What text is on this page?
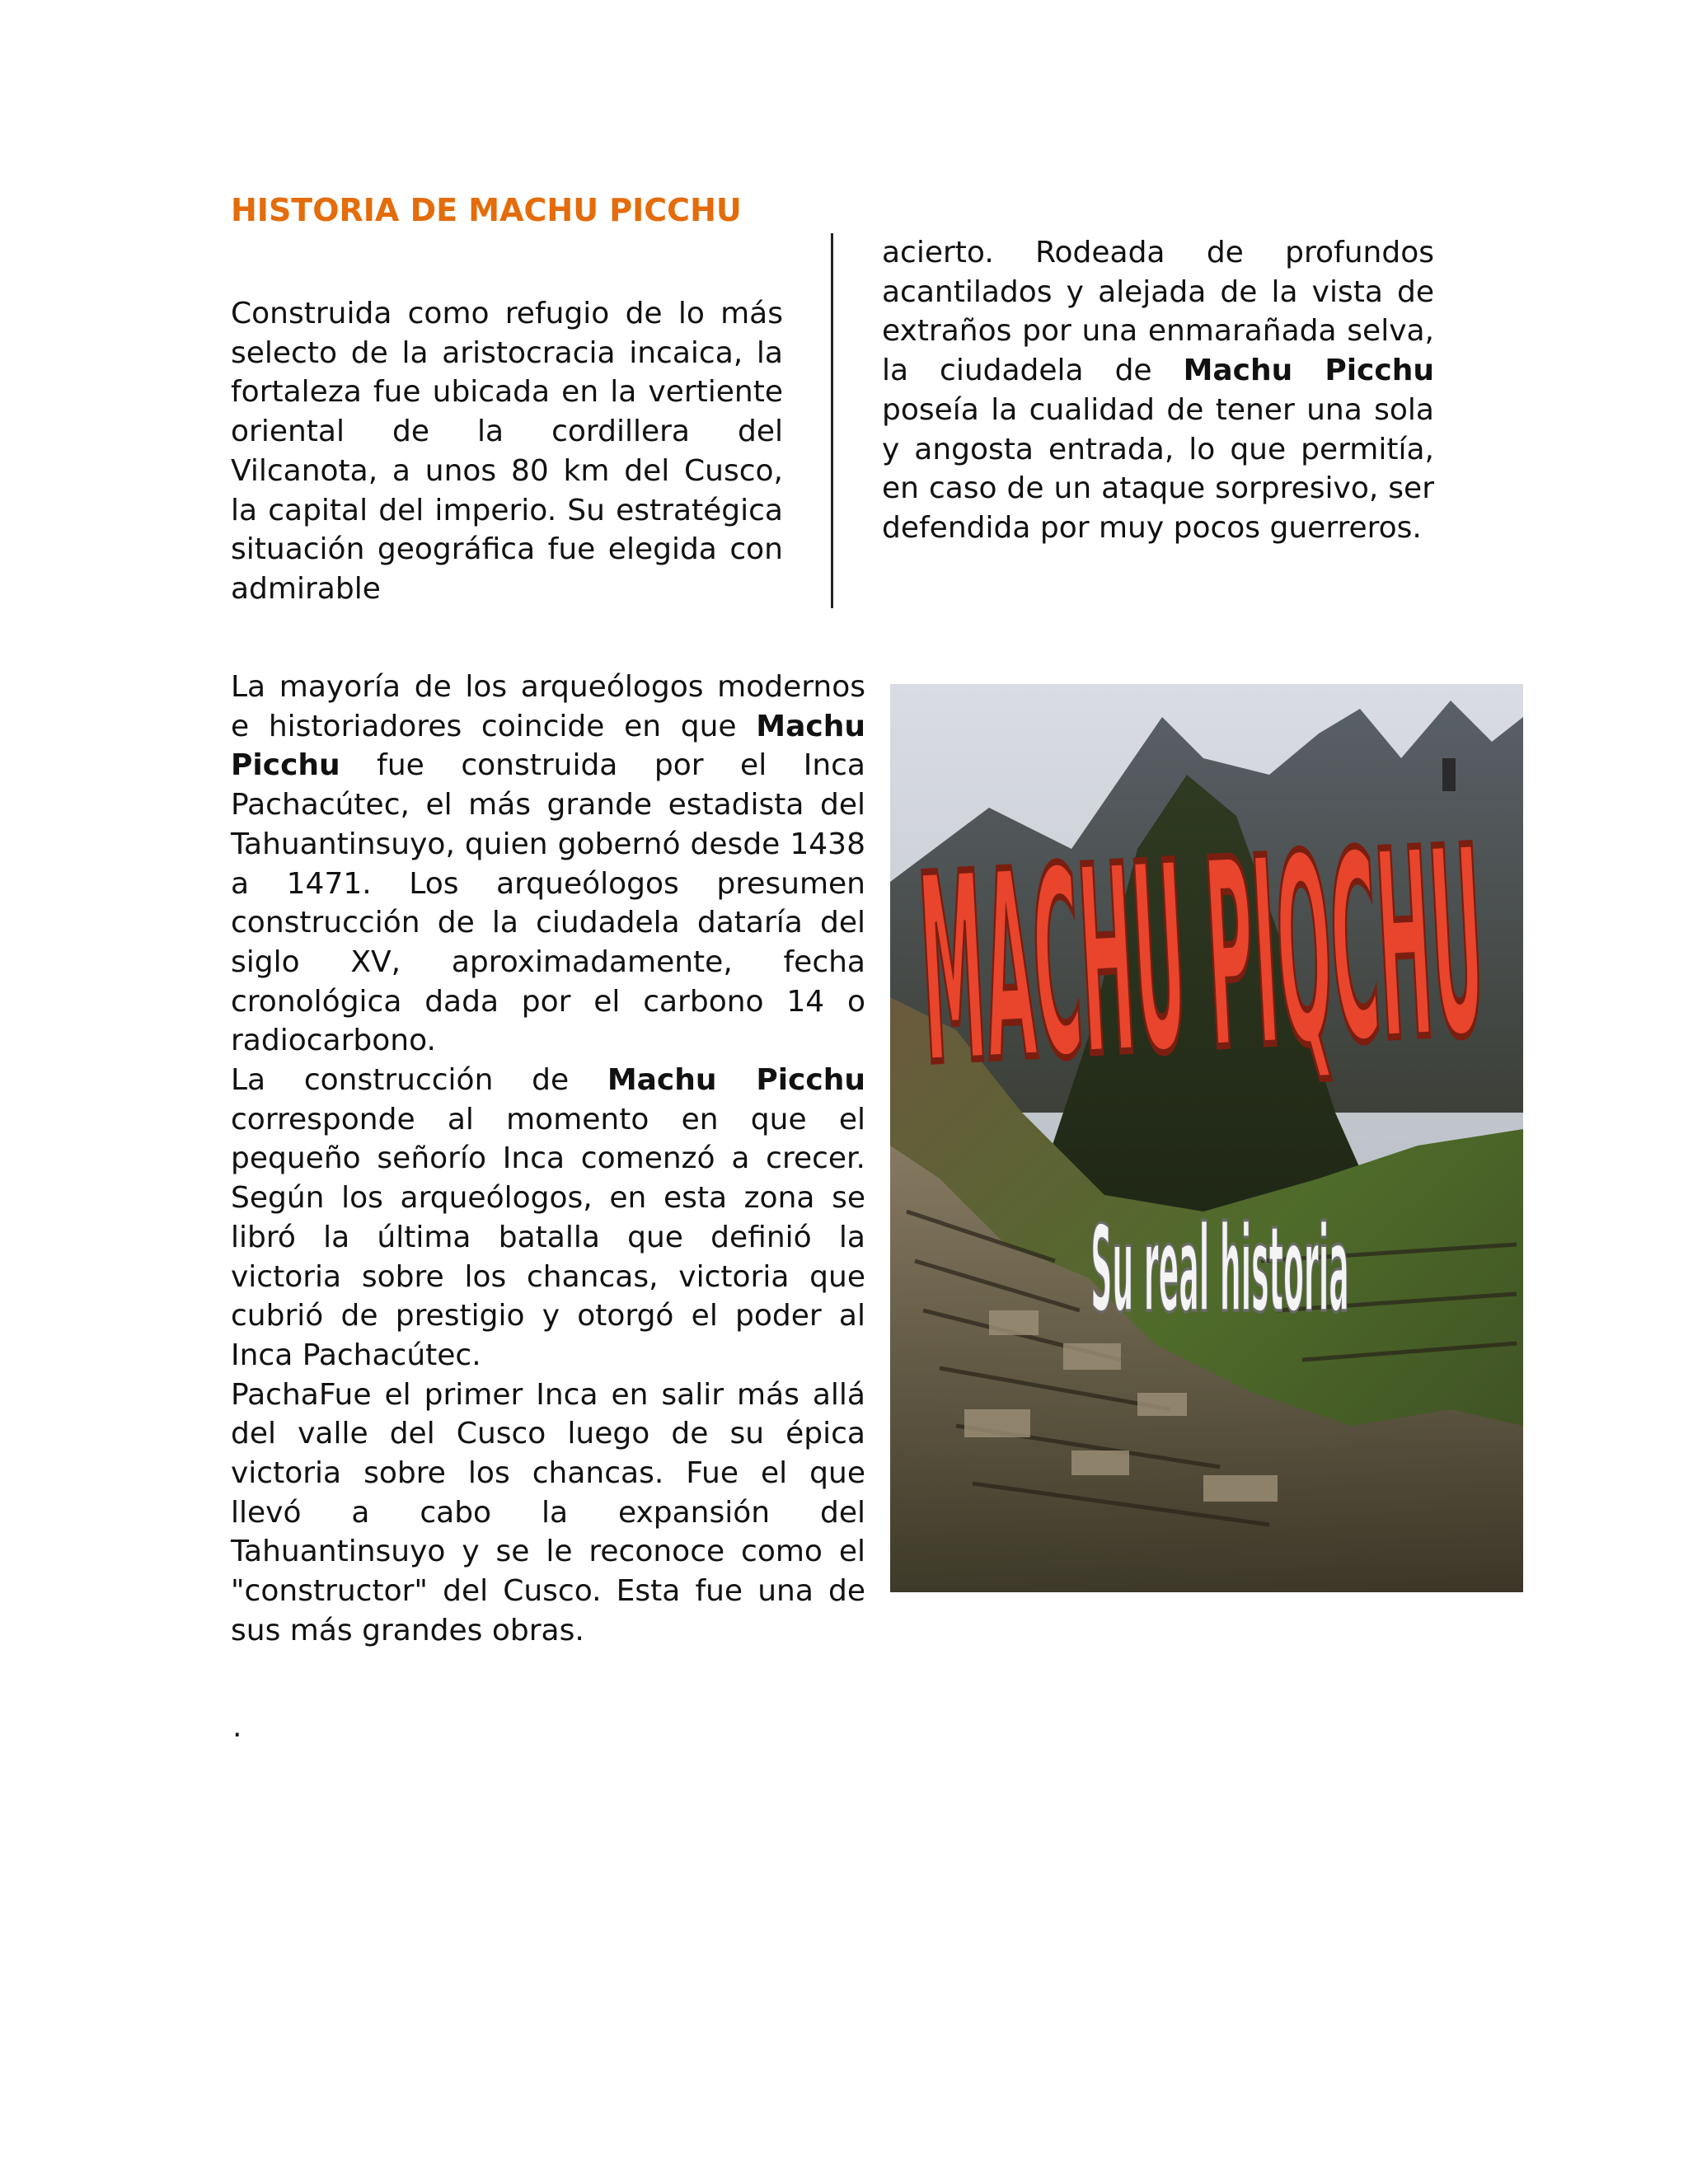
HISTORIA DE MACHU PICCHU

Construida como refugio de lo más selecto de la aristocracia incaica, la fortaleza fue ubicada en la vertiente oriental de la cordillera del Vilcanota, a unos 80 km del Cusco, la capital del imperio. Su estratégica situación geográfica fue elegida con admirable

acierto. Rodeada de profundos acantilados y alejada de la vista de extraños por una enmarañada selva, la ciudadela de Machu Picchu poseía la cualidad de tener una sola y angosta entrada, lo que permitía, en caso de un ataque sorpresivo, ser defendida por muy pocos guerreros.

La mayoría de los arqueólogos modernos e historiadores coincide en que Machu Picchu fue construida por el Inca Pachacútec, el más grande estadista del Tahuantinsuyo, quien gobernó desde 1438 a 1471. Los arqueólogos presumen construcción de la ciudadela dataría del siglo XV, aproximadamente, fecha cronológica dada por el carbono 14 o radiocarbono.
La construcción de Machu Picchu corresponde al momento en que el pequeño señorío Inca comenzó a crecer. Según los arqueólogos, en esta zona se libró la última batalla que definió la victoria sobre los chancas, victoria que cubrió de prestigio y otorgó el poder al Inca Pachacútec.
PachaFue el primer Inca en salir más allá del valle del Cusco luego de su épica victoria sobre los chancas. Fue el que llevó a cabo la expansión del Tahuantinsuyo y se le reconoce como el "constructor" del Cusco. Esta fue una de sus más grandes obras.
.
MACHU PIQCHU
Su real historia
